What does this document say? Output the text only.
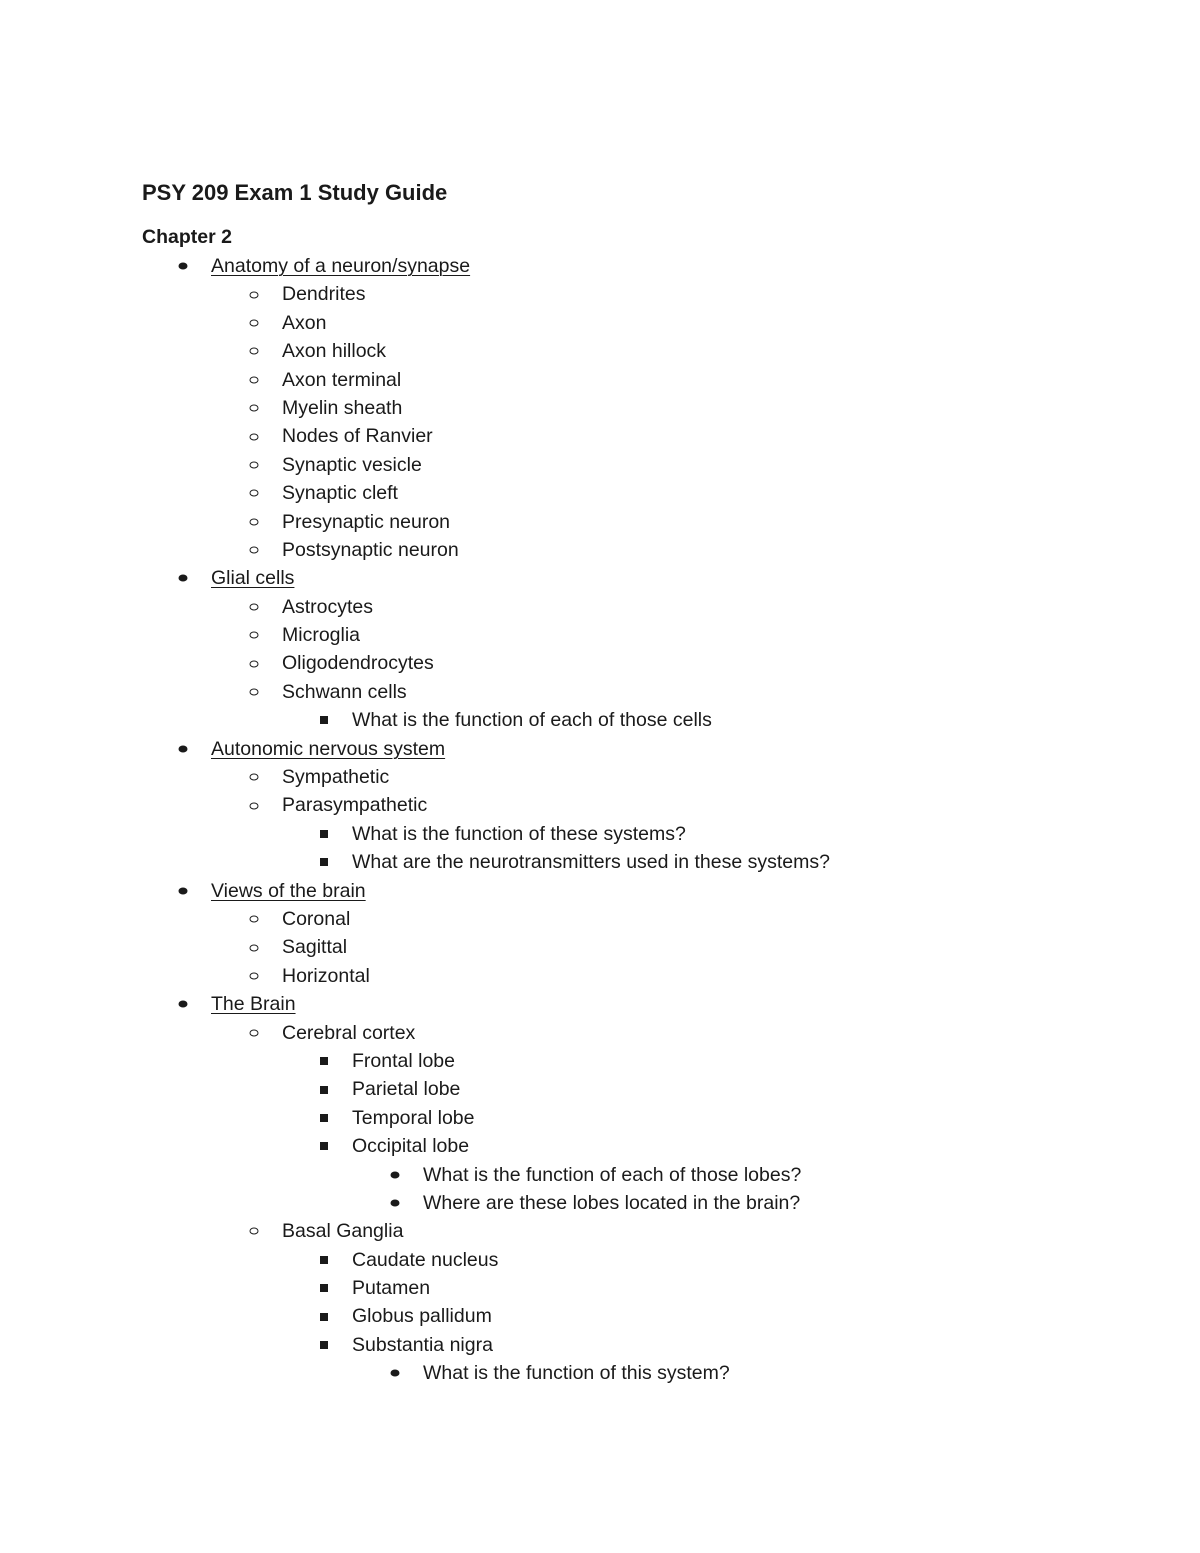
PSY 209 Exam 1 Study Guide
Chapter 2
Anatomy of a neuron/synapse
Dendrites
Axon
Axon hillock
Axon terminal
Myelin sheath
Nodes of Ranvier
Synaptic vesicle
Synaptic cleft
Presynaptic neuron
Postsynaptic neuron
Glial cells
Astrocytes
Microglia
Oligodendrocytes
Schwann cells
What is the function of each of those cells
Autonomic nervous system
Sympathetic
Parasympathetic
What is the function of these systems?
What are the neurotransmitters used in these systems?
Views of the brain
Coronal
Sagittal
Horizontal
The Brain
Cerebral cortex
Frontal lobe
Parietal lobe
Temporal lobe
Occipital lobe
What is the function of each of those lobes?
Where are these lobes located in the brain?
Basal Ganglia
Caudate nucleus
Putamen
Globus pallidum
Substantia nigra
What is the function of this system?
